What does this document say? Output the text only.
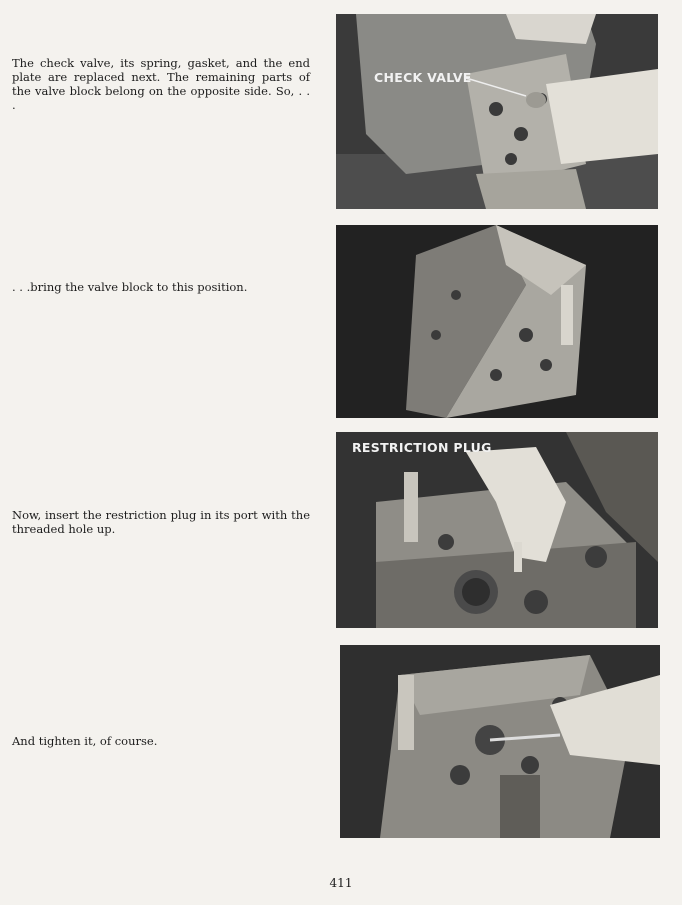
The check valve, its spring, gasket, and the end plate are replaced next. The remaining parts of the valve block belong on the opposite side. So, . . .

CHECK VALVE

. . .bring the valve block to this position.

Now, insert the restriction plug in its port with the threaded hole up.

RESTRICTION PLUG

And tighten it, of course.

411
